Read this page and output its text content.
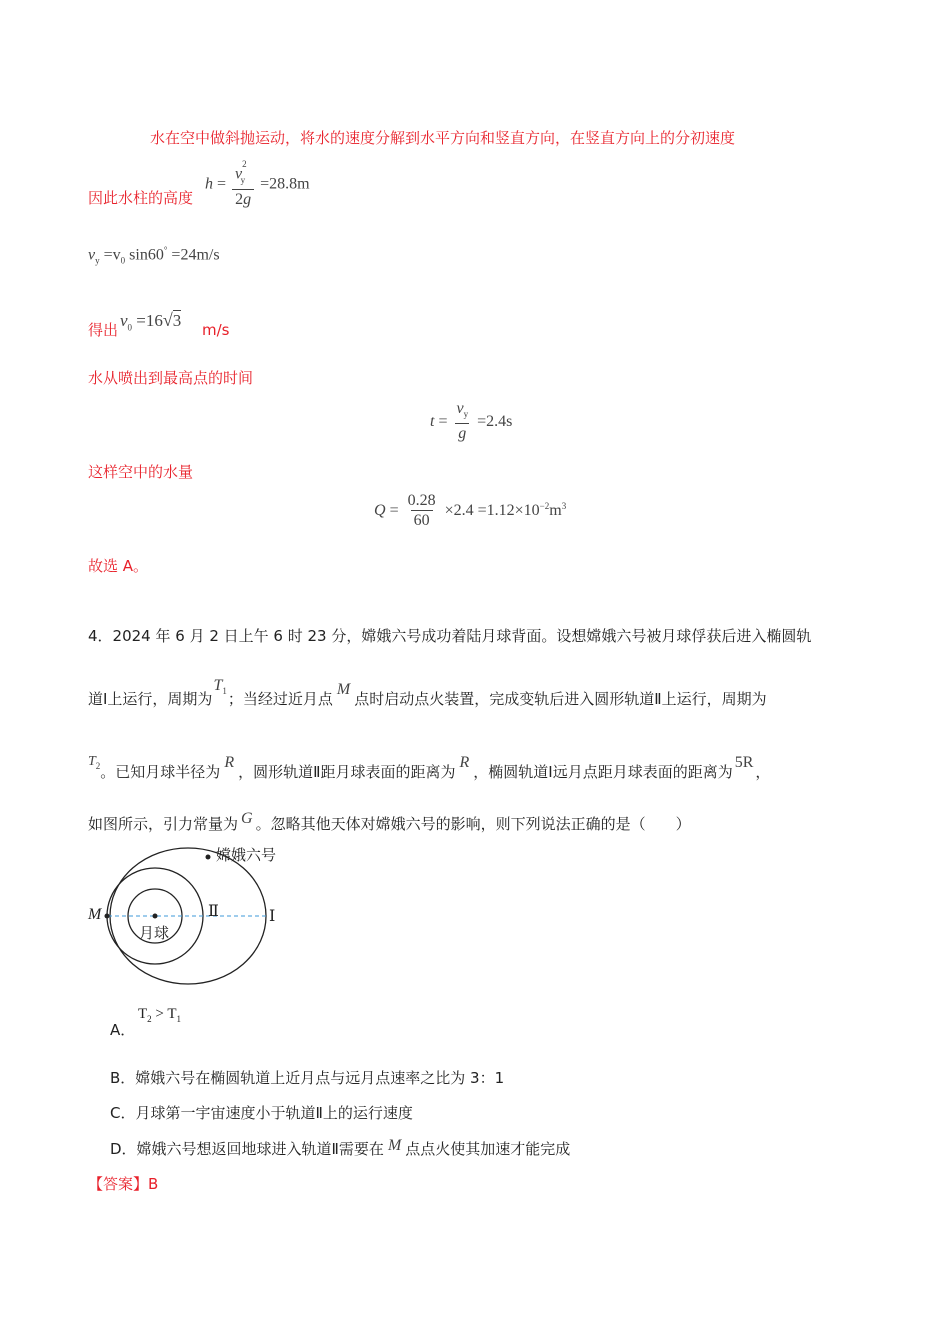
水在空中做斜抛运动，将水的速度分解到水平方向和竖直方向，在竖直方向上的分初速度
因此水柱的高度
$h = \frac{v^2_y}{2g} =28.8m$
$v_y =v_0$ sin60° =24m/s
得出 $v_0 =16√3$ m/s
水从喷出到最高点的时间
$t = \frac{v_y}{g} =2.4s$
这样空中的水量
$Q = \frac{0.28}{60} \times 2.4 =1.12\times 10^{-2}m^3$
故选 A。
4．2024 年 6 月 2 日上午 6 时 23 分，嫦娥六号成功着陆月球背面。设想嫦娥六号被月球俘获后进入椭圆轨
道Ⅰ上运行，周期为$T_1$；当经过近月点M点时启动点火装置，完成变轨后进入圆形轨道Ⅱ上运行，周期为
$T_2$。已知月球半径为R，圆形轨道Ⅱ距月球表面的距离为R，椭圆轨道Ⅰ远月点距月球表面的距离为5R，
如图所示，引力常量为 G 。忽略其他天体对嫦娥六号的影响，则下列说法正确的是（　　）
嫦娥六号
M	Ⅱ	Ⅰ
月球
A．
$T_2 > T_1$
B．嫦娥六号在椭圆轨道上近月点与远月点速率之比为 3：1
C．月球第一宇宙速度小于轨道Ⅱ上的运行速度
D．嫦娥六号想返回地球进入轨道Ⅱ需要在 M 点点火使其加速才能完成
【答案】B
